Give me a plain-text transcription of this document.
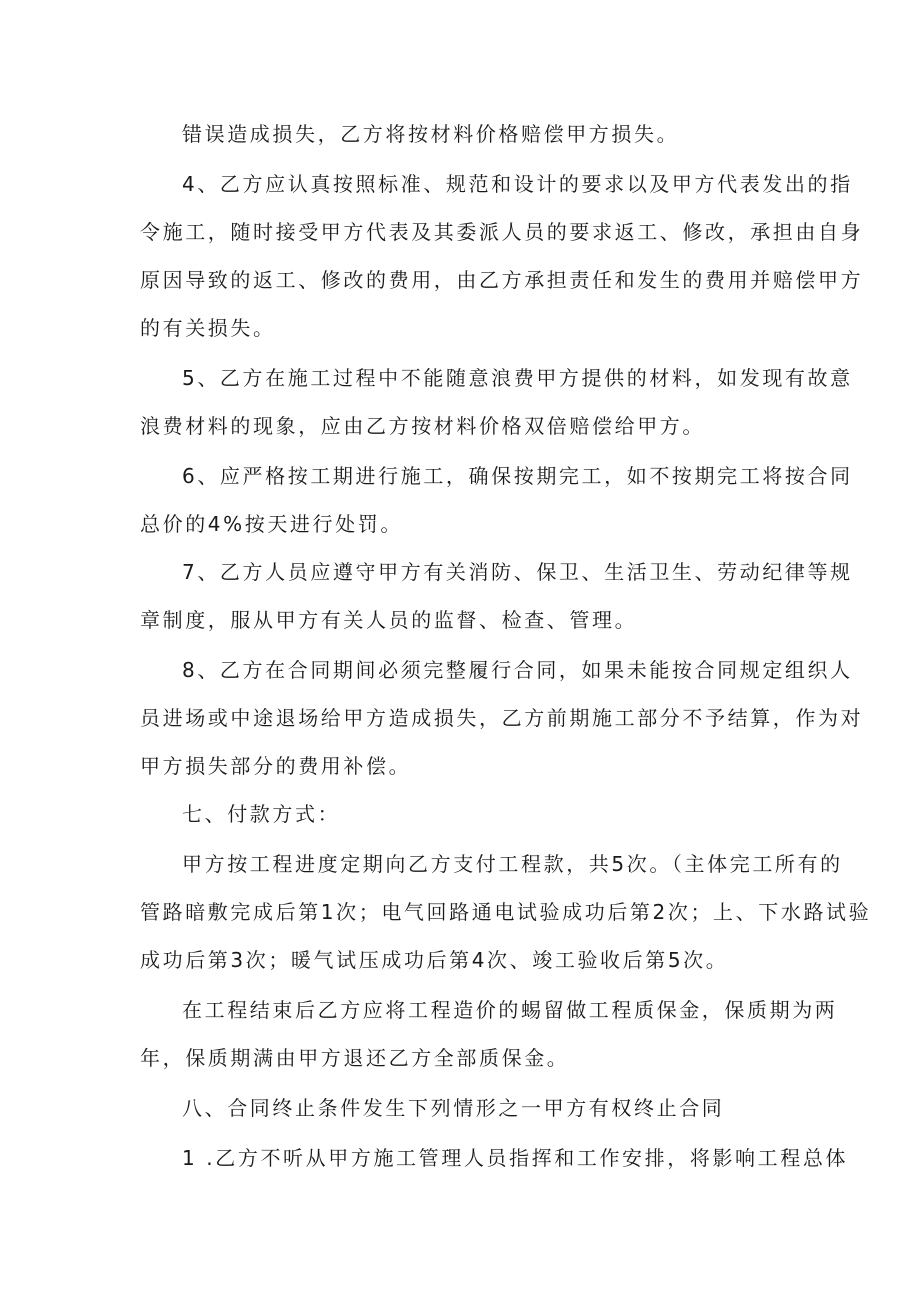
错误造成损失，乙方将按材料价格赔偿甲方损失。
4、乙方应认真按照标准、规范和设计的要求以及甲方代表发出的指
令施工，随时接受甲方代表及其委派人员的要求返工、修改，承担由自身
原因导致的返工、修改的费用，由乙方承担责任和发生的费用并赔偿甲方
的有关损失。
5、乙方在施工过程中不能随意浪费甲方提供的材料，如发现有故意
浪费材料的现象，应由乙方按材料价格双倍赔偿给甲方。
6、应严格按工期进行施工，确保按期完工，如不按期完工将按合同
总价的4%按天进行处罚。
7、乙方人员应遵守甲方有关消防、保卫、生活卫生、劳动纪律等规
章制度，服从甲方有关人员的监督、检查、管理。
8、乙方在合同期间必须完整履行合同，如果未能按合同规定组织人
员进场或中途退场给甲方造成损失，乙方前期施工部分不予结算，作为对
甲方损失部分的费用补偿。
七、付款方式：
甲方按工程进度定期向乙方支付工程款，共5次。（主体完工所有的
管路暗敷完成后第1次；电气回路通电试验成功后第2次；上、下水路试验
成功后第3次；暖气试压成功后第4次、竣工验收后第5次。
在工程结束后乙方应将工程造价的蜴留做工程质保金，保质期为两
年，保质期满由甲方退还乙方全部质保金。
八、合同终止条件发生下列情形之一甲方有权终止合同
1 .乙方不听从甲方施工管理人员指挥和工作安排，将影响工程总体
